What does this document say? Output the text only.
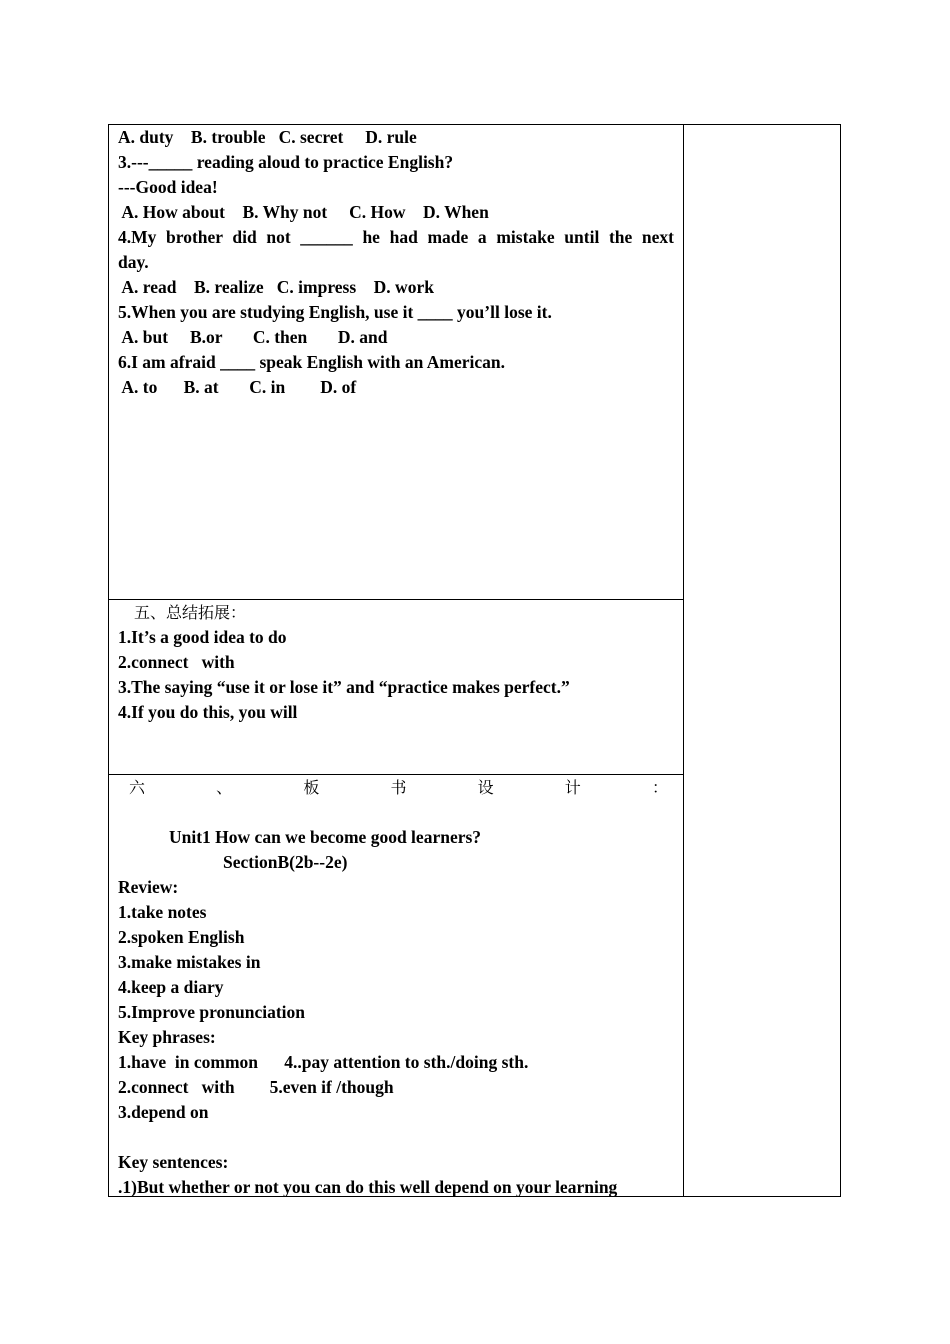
A. duty    B. trouble   C. secret     D. rule
3.---_____ reading aloud to practice English?
---Good idea!
A. How about    B. Why not     C. How    D. When
4.My brother did not ______ he had made a mistake until the next
day.
A. read    B. realize   C. impress    D. work
5.When you are studying English, use it ____ you’ll lose it.
A. but     B.or       C. then       D. and
6.I am afraid ____ speak English with an American.
A. to      B. at       C. in        D. of
五、总结拓展：
1.It’s a good idea to do
2.connect   with
3.The saying “use it or lose it” and “practice makes perfect.”
4.If you do this, you will
六	、	板	书	设	计	：
Unit1 How can we become good learners?
SectionB(2b--2e)
Review:
1.take notes
2.spoken English
3.make mistakes in
4.keep a diary
5.Improve pronunciation
Key phrases:
1.have  in common      4..pay attention to sth./doing sth.
2.connect   with        5.even if /though
3.depend on
Key sentences:
.1)But whether or not you can do this well depend on your learning
